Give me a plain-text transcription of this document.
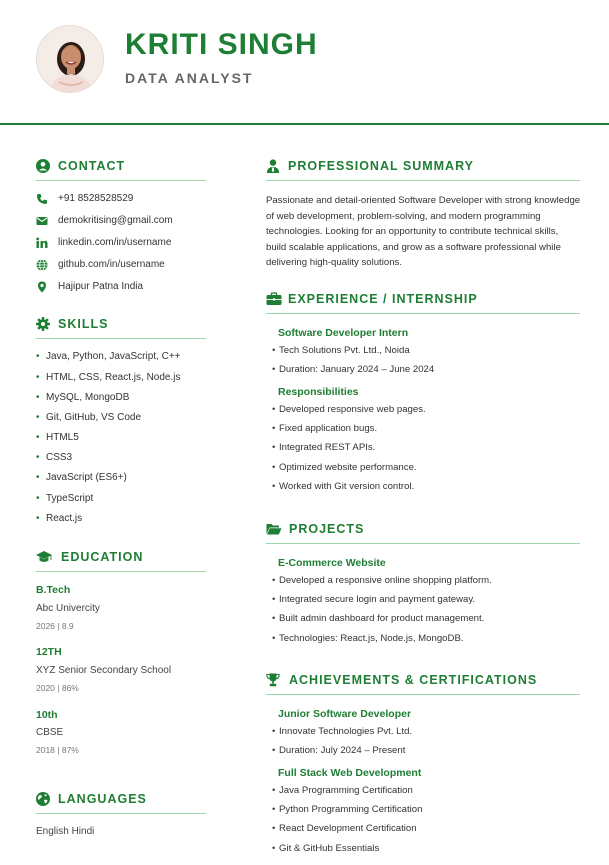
KRITI SINGH
DATA ANALYST
CONTACT
+91 8528528529
demokritising@gmail.com
linkedin.com/in/username
github.com/in/username
Hajipur Patna India
SKILLS
• Java, Python, JavaScript, C++
• HTML, CSS, React.js, Node.js
• MySQL, MongoDB
• Git, GitHub, VS Code
• HTML5
• CSS3
• JavaScript (ES6+)
• TypeScript
• React.js
EDUCATION
B.Tech
Abc Univercity
2026 | 8.9
12TH
XYZ Senior Secondary School
2020 | 86%
10th
CBSE
2018 | 87%
LANGUAGES
English Hindi
PROFESSIONAL SUMMARY
Passionate and detail-oriented Software Developer with strong knowledge
of web development, problem-solving, and modern programming
technologies. Looking for an opportunity to contribute technical skills,
build scalable applications, and grow as a software professional while
delivering high-quality solutions.
EXPERIENCE / INTERNSHIP
Software Developer Intern
• Tech Solutions Pvt. Ltd., Noida
• Duration: January 2024 – June 2024
Responsibilities
• Developed responsive web pages.
• Fixed application bugs.
• Integrated REST APIs.
• Optimized website performance.
• Worked with Git version control.
PROJECTS
E-Commerce Website
• Developed a responsive online shopping platform.
• Integrated secure login and payment gateway.
• Built admin dashboard for product management.
• Technologies: React.js, Node.js, MongoDB.
ACHIEVEMENTS & CERTIFICATIONS
Junior Software Developer
• Innovate Technologies Pvt. Ltd.
• Duration: July 2024 – Present
Full Stack Web Development
• Java Programming Certification
• Python Programming Certification
• React Development Certification
• Git & GitHub Essentials
